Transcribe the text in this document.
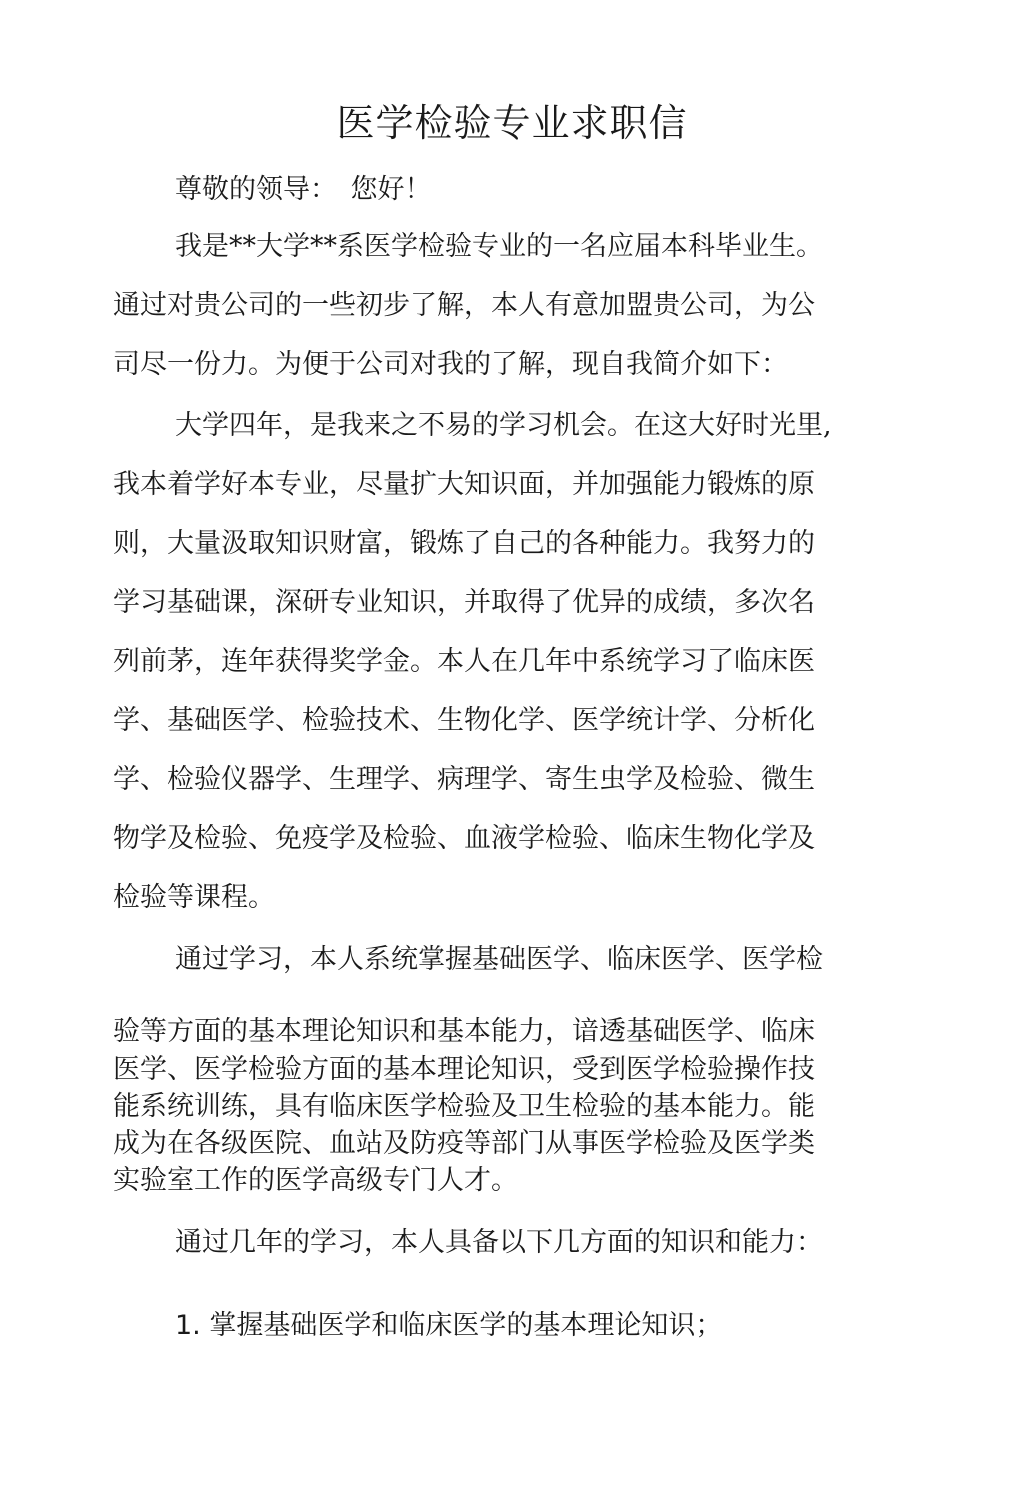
医学检验专业求职信

尊敬的领导：　您好！

我是**大学**系医学检验专业的一名应届本科毕业生。

通过对贵公司的一些初步了解，本人有意加盟贵公司，为公

司尽一份力。为便于公司对我的了解，现自我简介如下：

大学四年，是我来之不易的学习机会。在这大好时光里,

我本着学好本专业，尽量扩大知识面，并加强能力锻炼的原

则，大量汲取知识财富，锻炼了自己的各种能力。我努力的

学习基础课，深研专业知识，并取得了优异的成绩，多次名

列前茅，连年获得奖学金。本人在几年中系统学习了临床医

学、基础医学、检验技术、生物化学、医学统计学、分析化

学、检验仪器学、生理学、病理学、寄生虫学及检验、微生

物学及检验、免疫学及检验、血液学检验、临床生物化学及

检验等课程。

通过学习，本人系统掌握基础医学、临床医学、医学检

验等方面的基本理论知识和基本能力，谙透基础医学、临床

医学、医学检验方面的基本理论知识，受到医学检验操作技

能系统训练，具有临床医学检验及卫生检验的基本能力。能

成为在各级医院、血站及防疫等部门从事医学检验及医学类

实验室工作的医学高级专门人才。

通过几年的学习，本人具备以下几方面的知识和能力：

1. 掌握基础医学和临床医学的基本理论知识；
